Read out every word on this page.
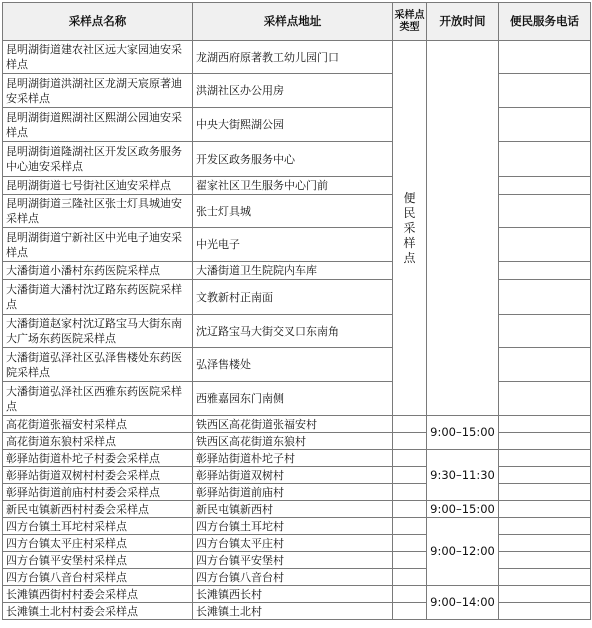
采样点名称	采样点地址	采样点类型	开放时间	便民服务电话
昆明湖街道建农社区远大家园迪安采样点	龙湖西府原著教工幼儿园门口	便民采样点		
昆明湖街道洪湖社区龙湖天宸原著迪安采样点	洪湖社区办公用房			
昆明湖街道熙湖社区熙湖公园迪安采样点	中央大街熙湖公园			
昆明湖街道隆湖社区开发区政务服务中心迪安采样点	开发区政务服务中心			
昆明湖街道七号街社区迪安采样点	翟家社区卫生服务中心门前			
昆明湖街道三隆社区张士灯具城迪安采样点	张士灯具城			
昆明湖街道宁新社区中光电子迪安采样点	中光电子			
大潘街道小潘村东药医院采样点	大潘街道卫生院院内车库			
大潘街道大潘村沈辽路东药医院采样点	文教新村正南面			
大潘街道赵家村沈辽路宝马大街东南大广场东药医院采样点	沈辽路宝马大街交叉口东南角			
大潘街道弘泽社区弘泽售楼处东药医院采样点	弘泽售楼处			
大潘街道弘泽社区西雅东药医院采样点	西雅嘉园东门南侧			
高花街道张福安村采样点	铁西区高花街道张福安村		9:00–15:00	
高花街道东狼村采样点	铁西区高花街道东狼村			
彰驿站街道朴坨子村委会采样点	彰驿站街道朴坨子村		9:30–11:30	
彰驿站街道双树村村委会采样点	彰驿站街道双树村			
彰驿站街道前庙村村委会采样点	彰驿站街道前庙村			
新民屯镇新西村村委会采样点	新民屯镇新西村		9:00–15:00	
四方台镇土耳坨村采样点	四方台镇土耳坨村		9:00–12:00	
四方台镇太平庄村采样点	四方台镇太平庄村			
四方台镇平安堡村采样点	四方台镇平安堡村			
四方台镇八音台村采样点	四方台镇八音台村			
长滩镇西街村村委会采样点	长滩镇西长村		9:00–14:00	
长滩镇土北村村委会采样点	长滩镇土北村			
